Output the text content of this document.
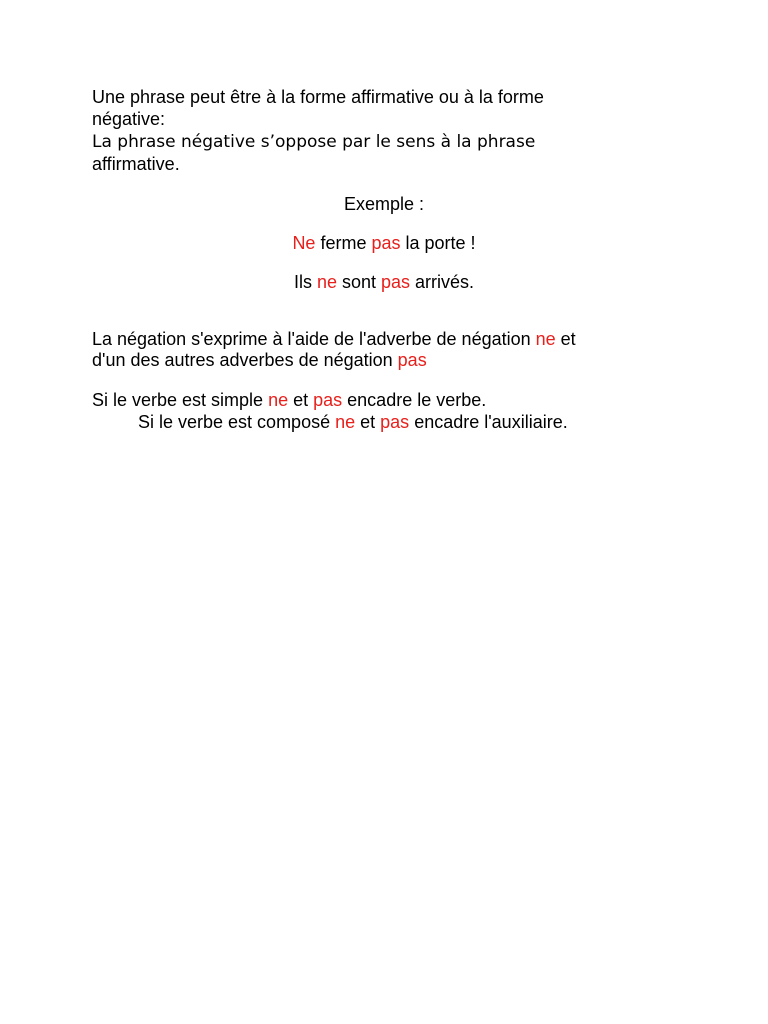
Une phrase peut être à la forme affirmative ou à la forme
négative:
La phrase négative s’oppose par le sens à la phrase
affirmative.
Exemple :
Ne ferme pas la porte !
Ils ne sont pas arrivés.
La négation s'exprime à l'aide de l'adverbe de négation ne et
d'un des autres adverbes de négation pas
Si le verbe est simple ne et pas encadre le verbe.
Si le verbe est composé ne et pas encadre l'auxiliaire.
